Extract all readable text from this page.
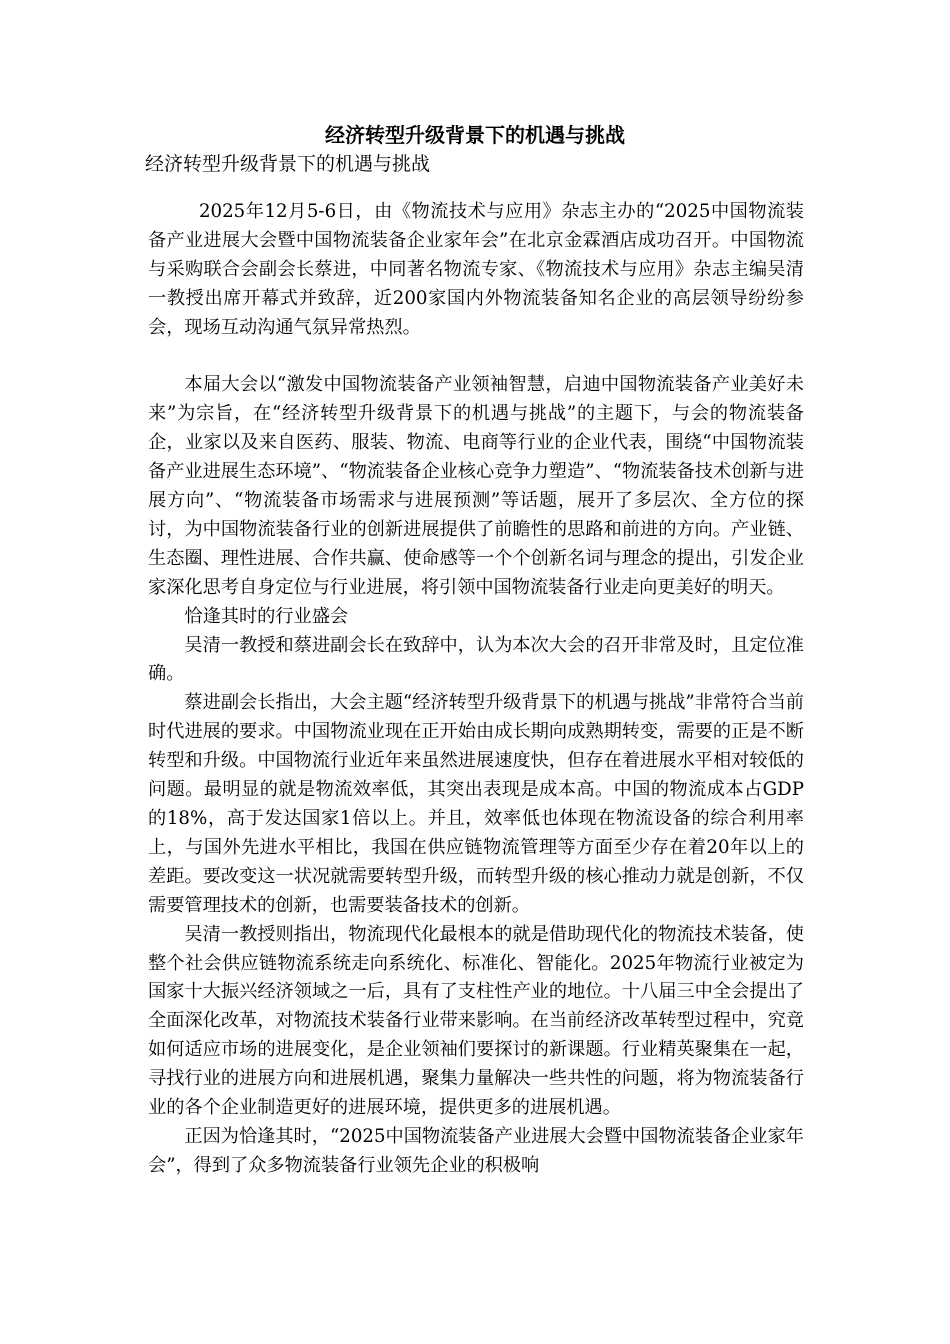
经济转型升级背景下的机遇与挑战
经济转型升级背景下的机遇与挑战

2025年12月5-6日，由《物流技术与应用》杂志主办的“2025中国物流装备产业进展大会暨中国物流装备企业家年会”在北京金霖酒店成功召开。中国物流与采购联合会副会长蔡进，中同著名物流专家、《物流技术与应用》杂志主编吴清一教授出席开幕式并致辞，近200家国内外物流装备知名企业的高层领导纷纷参会，现场互动沟通气氛异常热烈。

本届大会以“激发中国物流装备产业领袖智慧，启迪中国物流装备产业美好未来”为宗旨，在“经济转型升级背景下的机遇与挑战”的主题下，与会的物流装备企，业家以及来自医药、服装、物流、电商等行业的企业代表，围绕“中国物流装备产业进展生态环境”、“物流装备企业核心竞争力塑造”、“物流装备技术创新与进展方向”、“物流装备市场需求与进展预测”等话题，展开了多层次、全方位的探讨，为中国物流装备行业的创新进展提供了前瞻性的思路和前进的方向。产业链、生态圈、理性进展、合作共赢、使命感等一个个创新名词与理念的提出，引发企业家深化思考自身定位与行业进展，将引领中国物流装备行业走向更美好的明天。

恰逢其时的行业盛会

吴清一教授和蔡进副会长在致辞中，认为本次大会的召开非常及时，且定位准确。

蔡进副会长指出，大会主题“经济转型升级背景下的机遇与挑战”非常符合当前时代进展的要求。中国物流业现在正开始由成长期向成熟期转变，需要的正是不断转型和升级。中国物流行业近年来虽然进展速度快，但存在着进展水平相对较低的问题。最明显的就是物流效率低，其突出表现是成本高。中国的物流成本占GDP的18%，高于发达国家1倍以上。并且，效率低也体现在物流设备的综合利用率上，与国外先进水平相比，我国在供应链物流管理等方面至少存在着20年以上的差距。要改变这一状况就需要转型升级，而转型升级的核心推动力就是创新，不仅需要管理技术的创新，也需要装备技术的创新。

吴清一教授则指出，物流现代化最根本的就是借助现代化的物流技术装备，使整个社会供应链物流系统走向系统化、标准化、智能化。2025年物流行业被定为国家十大振兴经济领域之一后，具有了支柱性产业的地位。十八届三中全会提出了全面深化改革，对物流技术装备行业带来影响。在当前经济改革转型过程中，究竟如何适应市场的进展变化，是企业领袖们要探讨的新课题。行业精英聚集在一起，寻找行业的进展方向和进展机遇，聚集力量解决一些共性的问题，将为物流装备行业的各个企业制造更好的进展环境，提供更多的进展机遇。

正因为恰逢其时，“2025中国物流装备产业进展大会暨中国物流装备企业家年会”，得到了众多物流装备行业领先企业的积极响
